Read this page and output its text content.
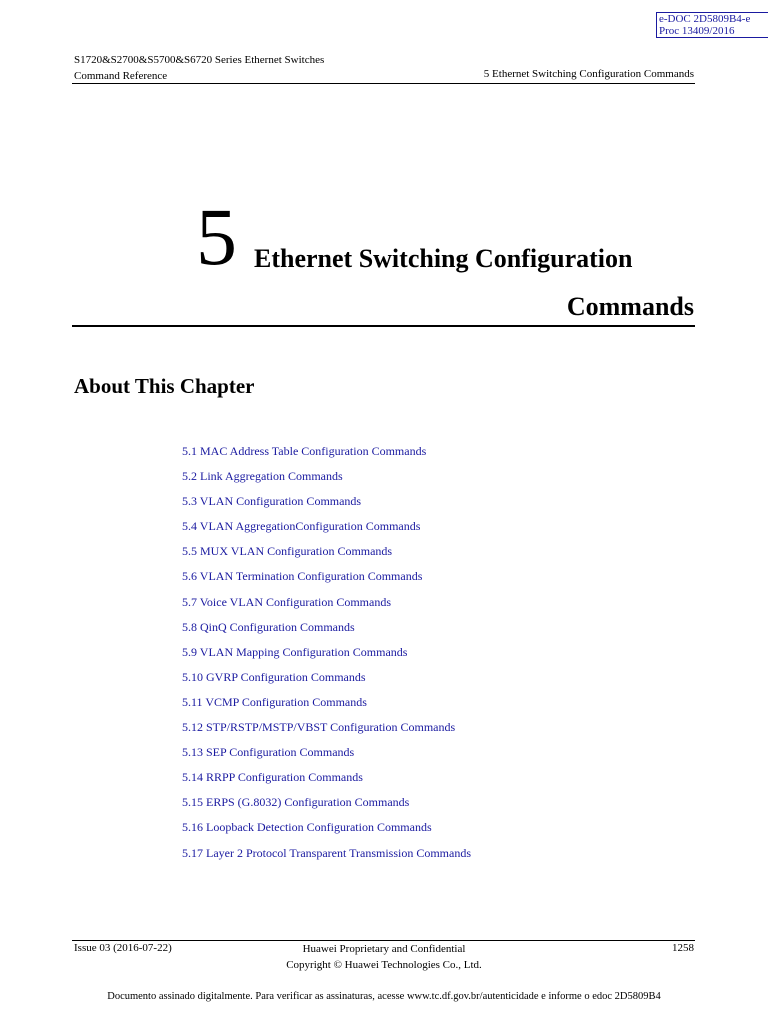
e-DOC 2D5809B4-e
Proc 13409/2016
S1720&S2700&S5700&S6720 Series Ethernet Switches
Command Reference	5 Ethernet Switching Configuration Commands
5 Ethernet Switching Configuration
Commands
About This Chapter
5.1 MAC Address Table Configuration Commands
5.2 Link Aggregation Commands
5.3 VLAN Configuration Commands
5.4 VLAN AggregationConfiguration Commands
5.5 MUX VLAN Configuration Commands
5.6 VLAN Termination Configuration Commands
5.7 Voice VLAN Configuration Commands
5.8 QinQ Configuration Commands
5.9 VLAN Mapping Configuration Commands
5.10 GVRP Configuration Commands
5.11 VCMP Configuration Commands
5.12 STP/RSTP/MSTP/VBST Configuration Commands
5.13 SEP Configuration Commands
5.14 RRPP Configuration Commands
5.15 ERPS (G.8032) Configuration Commands
5.16 Loopback Detection Configuration Commands
5.17 Layer 2 Protocol Transparent Transmission Commands
Issue 03 (2016-07-22)	Huawei Proprietary and Confidential
Copyright © Huawei Technologies Co., Ltd.
1258
Documento assinado digitalmente. Para verificar as assinaturas, acesse www.tc.df.gov.br/autenticidade e informe o edoc 2D5809B4
